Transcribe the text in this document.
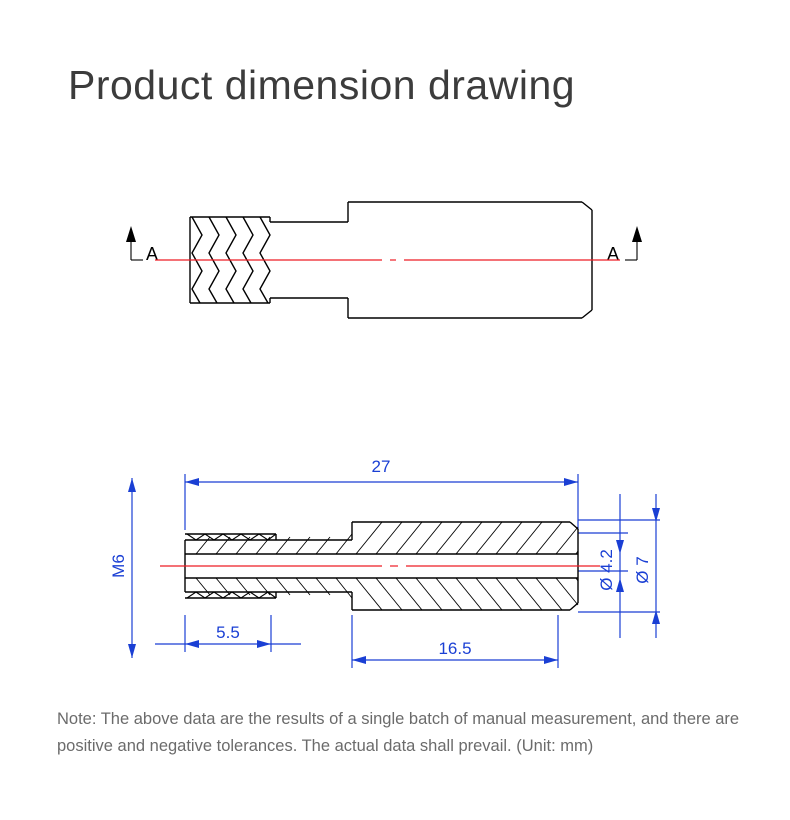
Product dimension drawing
A	A
27
M6
5.5
16.5
Ø 4.2 Ø 7
Note: The above data are the results of a single batch of manual measurement, and there are positive and negative tolerances. The actual data shall prevail. (Unit: mm)
